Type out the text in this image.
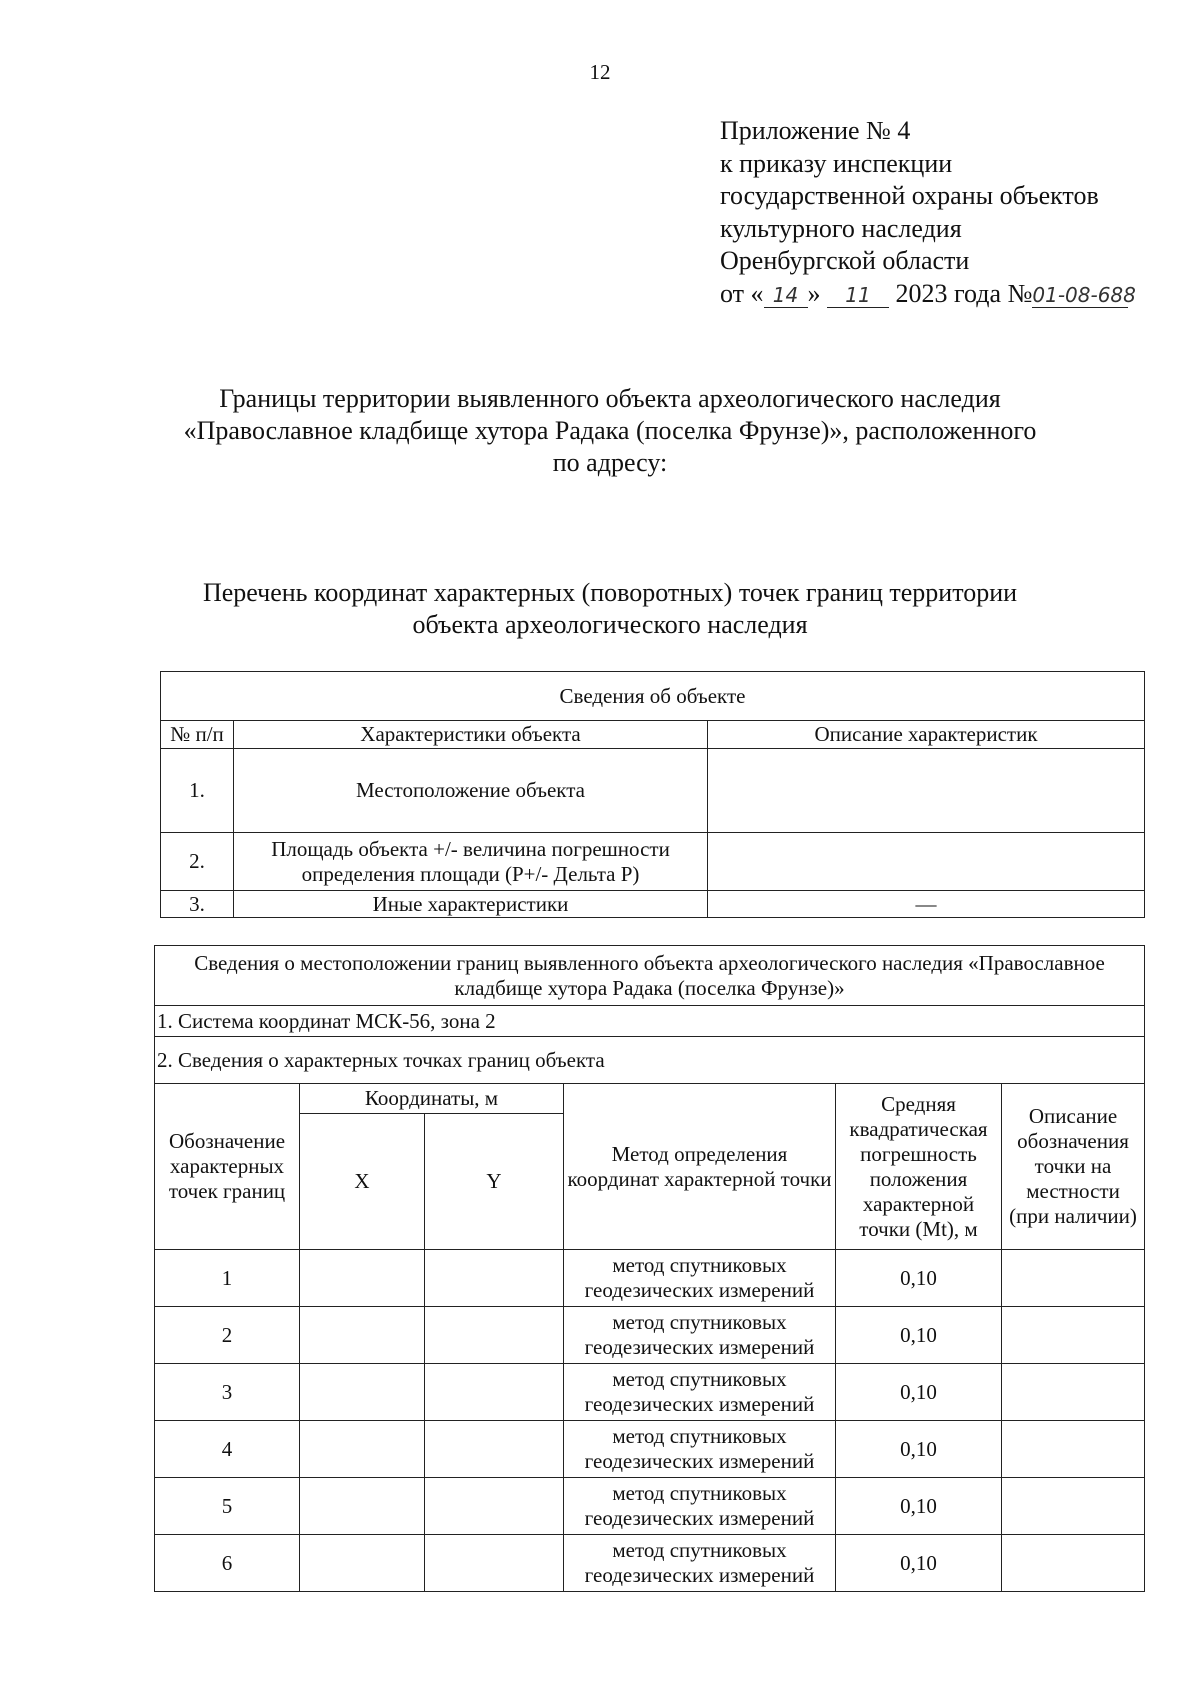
12
Приложение № 4
к приказу инспекции
государственной охраны объектов
культурного наследия
Оренбургской области
от « 14 » 11 2023 года №01-08-688
Границы территории выявленного объекта археологического наследия
«Православное кладбище хутора Радака (поселка Фрунзе)», расположенного
по адресу:
Перечень координат характерных (поворотных) точек границ территории
объекта археологического наследия
Сведения об объекте		
№ п/п	Характеристики объекта	Описание характеристик
1.	Местоположение объекта	
2.	Площадь объекта +/- величина погрешности определения площади (Р+/- Дельта Р)	
3.	Иные характеристики	—
Сведения о местоположении границ выявленного объекта археологического наследия «Православное кладбище хутора Радака (поселка Фрунзе)»					
1. Система координат МСК-56, зона 2					
2. Сведения о характерных точках границ объекта					
Обозначение характерных точек границ	Координаты, м		Метод определения координат характерной точки	Средняя квадратическая погрешность положения характерной точки (Mt), м	Описание обозначения точки на местности (при наличии)
	X	Y			
1			метод спутниковых геодезических измерений	0,10	
2			метод спутниковых геодезических измерений	0,10	
3			метод спутниковых геодезических измерений	0,10	
4			метод спутниковых геодезических измерений	0,10	
5			метод спутниковых геодезических измерений	0,10	
6			метод спутниковых геодезических измерений	0,10	
